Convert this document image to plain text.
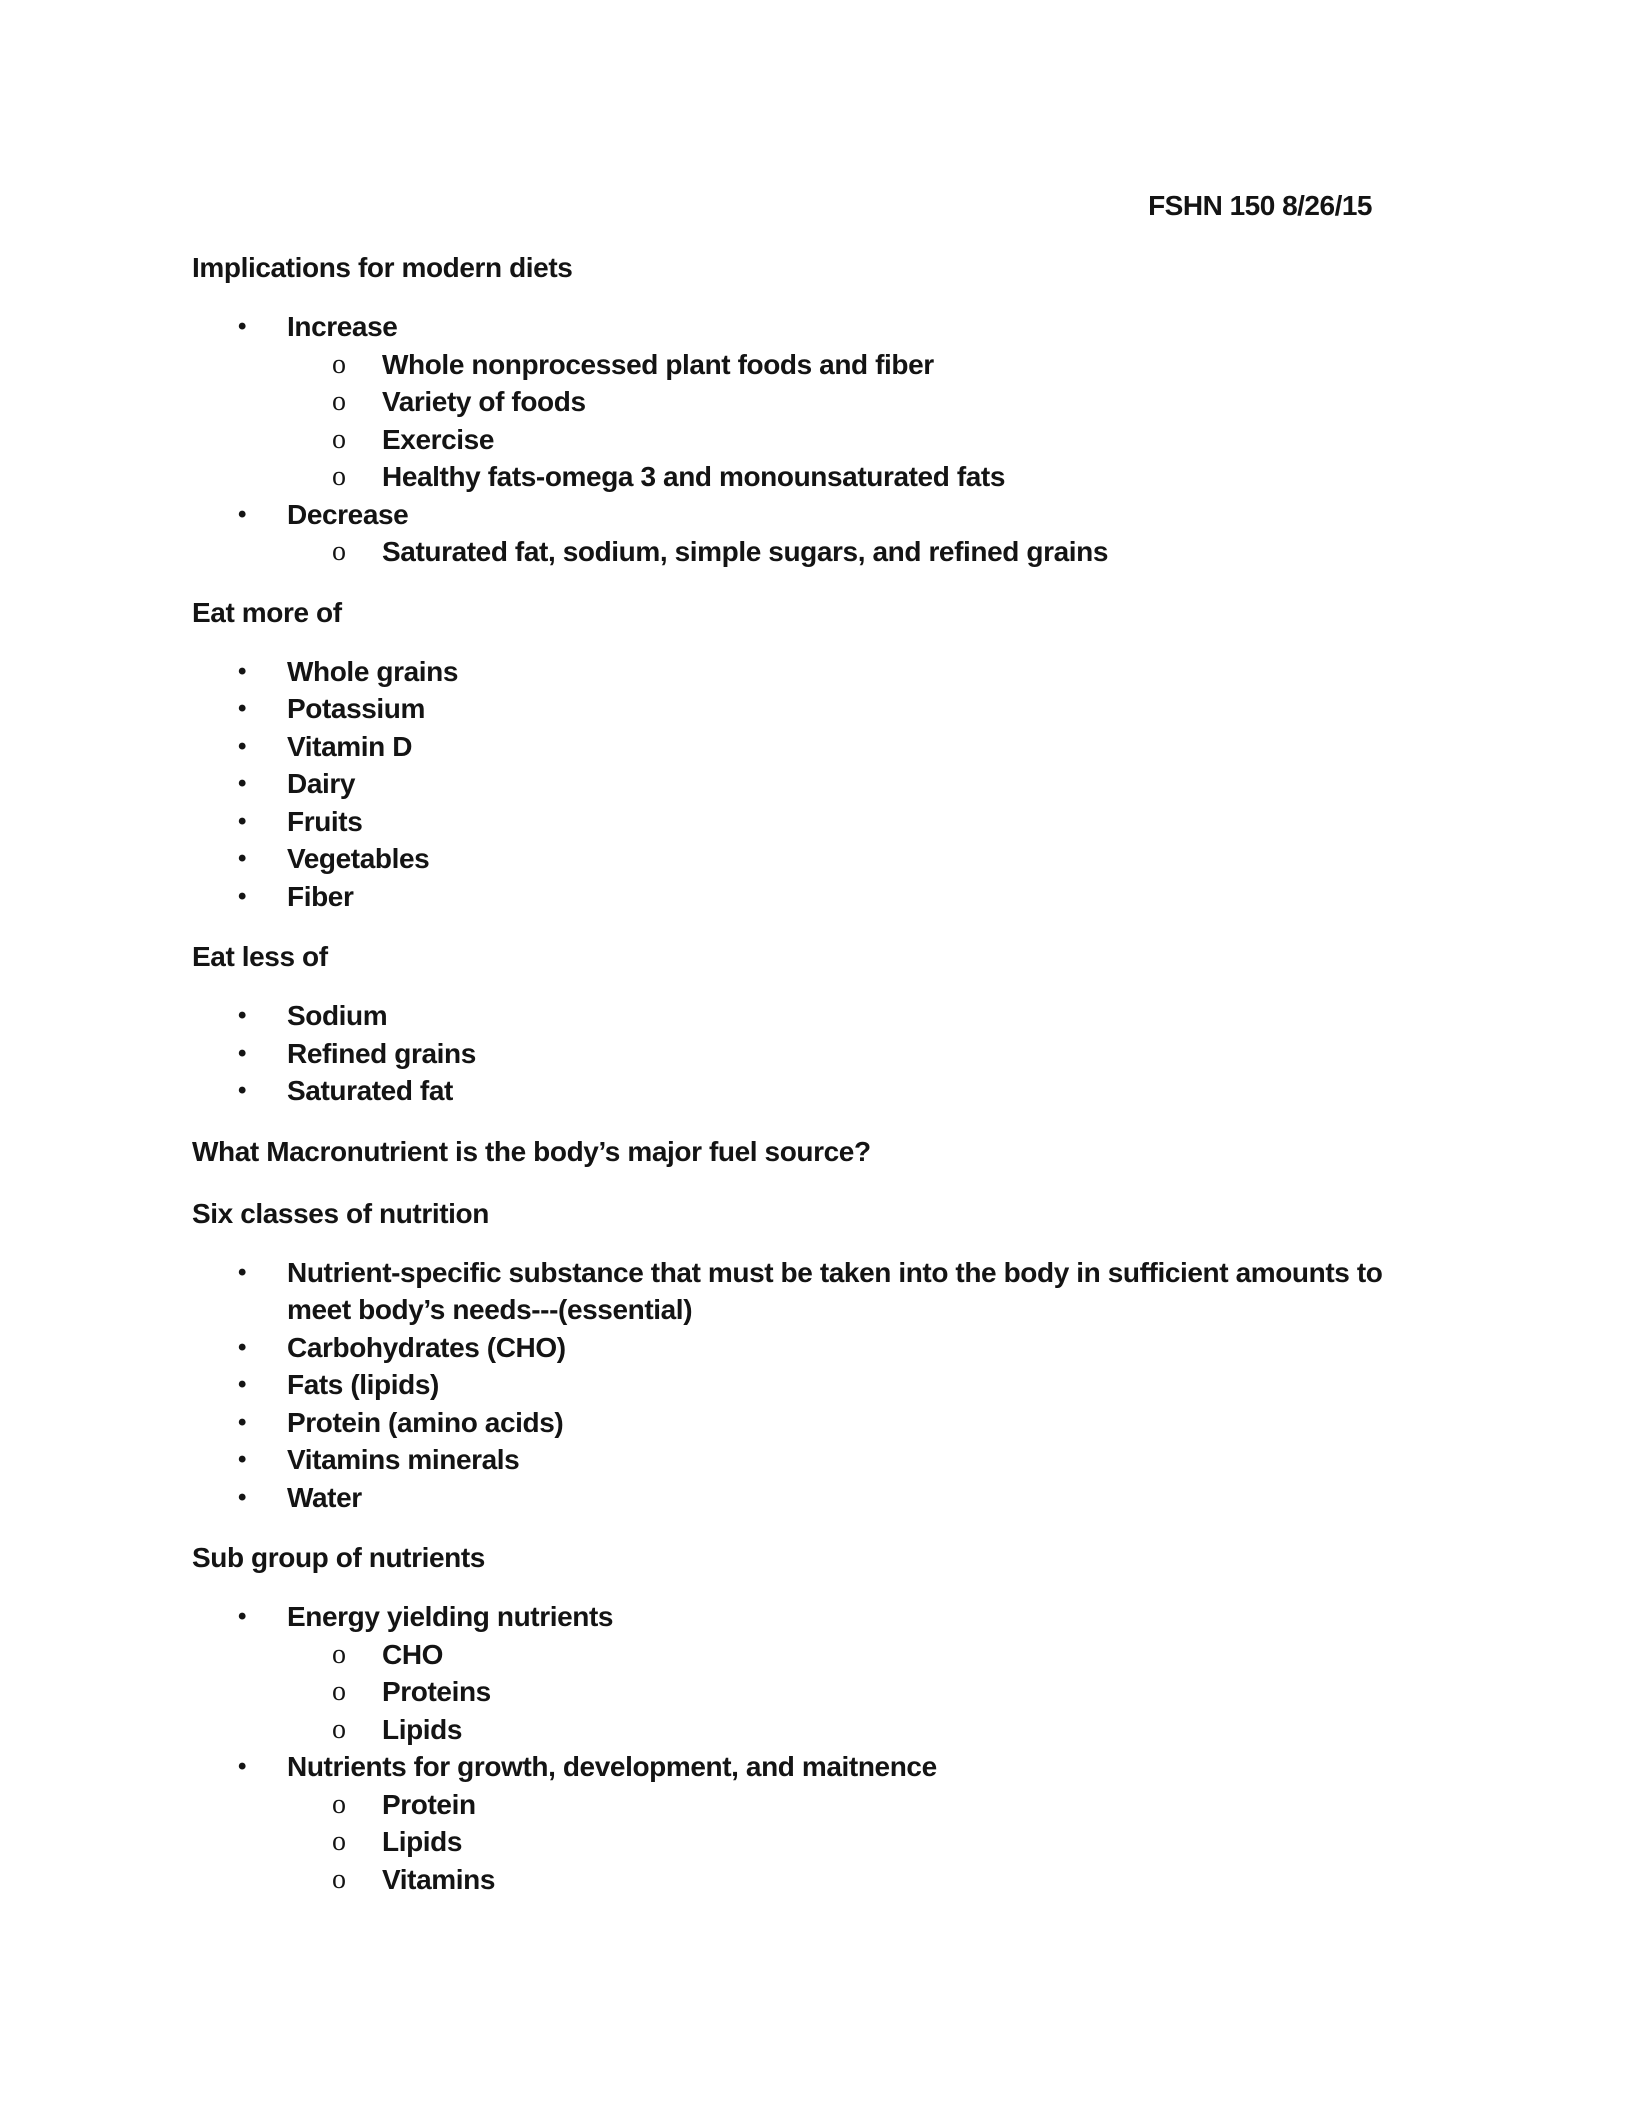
FSHN 150 8/26/15

Implications for modern diets

• Increase
o Whole nonprocessed plant foods and fiber
o Variety of foods
o Exercise
o Healthy fats-omega 3 and monounsaturated fats
• Decrease
o Saturated fat, sodium, simple sugars, and refined grains

Eat more of

• Whole grains
• Potassium
• Vitamin D
• Dairy
• Fruits
• Vegetables
• Fiber

Eat less of

• Sodium
• Refined grains
• Saturated fat

What Macronutrient is the body’s major fuel source?

Six classes of nutrition

• Nutrient-specific substance that must be taken into the body in sufficient amounts to meet body’s needs---(essential)
• Carbohydrates (CHO)
• Fats (lipids)
• Protein (amino acids)
• Vitamins minerals
• Water

Sub group of nutrients

• Energy yielding nutrients
o CHO
o Proteins
o Lipids
• Nutrients for growth, development, and maitnence
o Protein
o Lipids
o Vitamins
